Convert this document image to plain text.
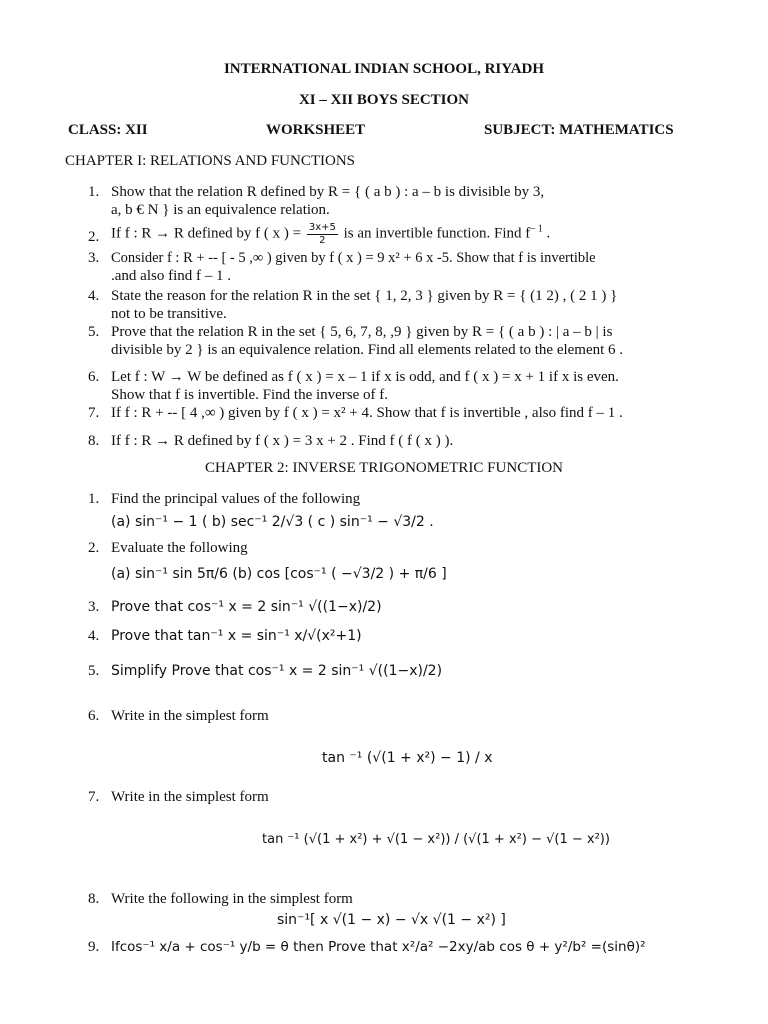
INTERNATIONAL INDIAN SCHOOL, RIYADH
XI – XII BOYS SECTION
CLASS: XII	WORKSHEET	SUBJECT: MATHEMATICS
CHAPTER I: RELATIONS AND FUNCTIONS
1. Show that the relation R defined by R = { ( a b ) : a – b is divisible by 3,
a, b € N } is an equivalence relation.
2. If f : R → R defined by f ( x ) = $\frac{3x+5}{2}$ is an invertible function. Find $f^{- 1}$ .
3. Consider f : R + -- [ - 5 ,∞ ) given by f ( x ) = 9 x² + 6 x -5. Show that f is invertible
.and also find f – 1 .
4. State the reason for the relation R in the set { 1, 2, 3 } given by R = { (1 2) , ( 2 1 ) }
not to be transitive.
5. Prove that the relation R in the set { 5, 6, 7, 8, ,9 } given by R = { ( a b ) : | a – b | is
divisible by 2 } is an equivalence relation. Find all elements related to the element 6 .
6. Let f : W → W be defined as f ( x ) = x – 1 if x is odd, and f ( x ) = x + 1 if x is even.
Show that f is invertible. Find the inverse of f.
7. If f : R + -- [ 4 ,∞ ) given by f ( x ) = x² + 4. Show that f is invertible , also find f – 1 .
8. If f : R → R defined by f ( x ) = 3 x + 2 . Find f ( f ( x ) ).
CHAPTER 2: INVERSE TRIGONOMETRIC FUNCTION
1. Find the principal values of the following
(a) sin⁻¹ − 1 ( b) sec⁻¹ 2/√3 ( c ) sin⁻¹ − √3/2 .
2. Evaluate the following
(a) sin⁻¹ sin 5π/6 (b) cos [cos⁻¹ ( −√3/2 ) + π/6 ]
3. Prove that cos⁻¹ x = 2 sin⁻¹ √((1−x)/2)
4. Prove that tan⁻¹ x = sin⁻¹ x/√(x²+1)
5. Simplify Prove that cos⁻¹ x = 2 sin⁻¹ √((1−x)/2)
6. Write in the simplest form
tan ⁻¹ (√(1 + x²) − 1) / x
7. Write in the simplest form
tan ⁻¹ (√(1 + x²) + √(1 − x²)) / (√(1 + x²) − √(1 − x²))
8. Write the following in the simplest form
sin⁻¹[ x √(1 − x) − √x √(1 − x²) ]
9. Ifcos⁻¹ x/a + cos⁻¹ y/b = θ then Prove that x²/a² −2xy/ab cos θ + y²/b² =(sinθ)²
